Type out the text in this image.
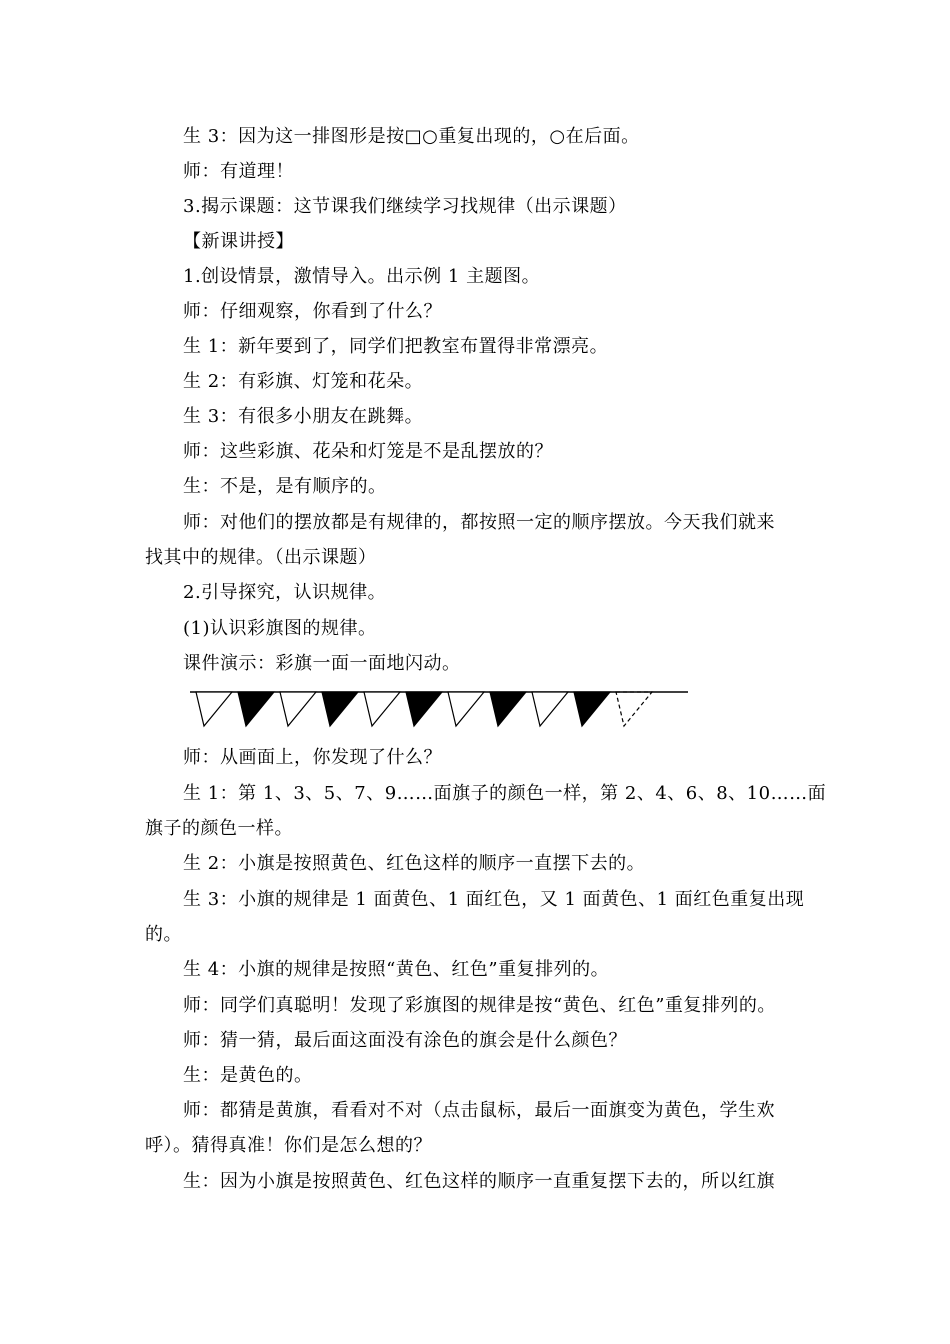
生 3：因为这一排图形是按□○重复出现的，○在后面。
师：有道理！
3.揭示课题：这节课我们继续学习找规律（出示课题）
【新课讲授】
1.创设情景，激情导入。出示例 1 主题图。
师：仔细观察，你看到了什么？
生 1：新年要到了，同学们把教室布置得非常漂亮。
生 2：有彩旗、灯笼和花朵。
生 3：有很多小朋友在跳舞。
师：这些彩旗、花朵和灯笼是不是乱摆放的？
生：不是，是有顺序的。
师：对他们的摆放都是有规律的，都按照一定的顺序摆放。今天我们就来
找其中的规律。（出示课题）
2.引导探究，认识规律。
(1)认识彩旗图的规律。
课件演示：彩旗一面一面地闪动。
师：从画面上，你发现了什么？
生 1：第 1、3、5、7、9……面旗子的颜色一样，第 2、4、6、8、10……面
旗子的颜色一样。
生 2：小旗是按照黄色、红色这样的顺序一直摆下去的。
生 3：小旗的规律是 1 面黄色、1 面红色，又 1 面黄色、1 面红色重复出现
的。
生 4：小旗的规律是按照“黄色、红色”重复排列的。
师：同学们真聪明！发现了彩旗图的规律是按“黄色、红色”重复排列的。
师：猜一猜，最后面这面没有涂色的旗会是什么颜色？
生：是黄色的。
师：都猜是黄旗，看看对不对（点击鼠标，最后一面旗变为黄色，学生欢
呼）。猜得真准！你们是怎么想的？
生：因为小旗是按照黄色、红色这样的顺序一直重复摆下去的，所以红旗
